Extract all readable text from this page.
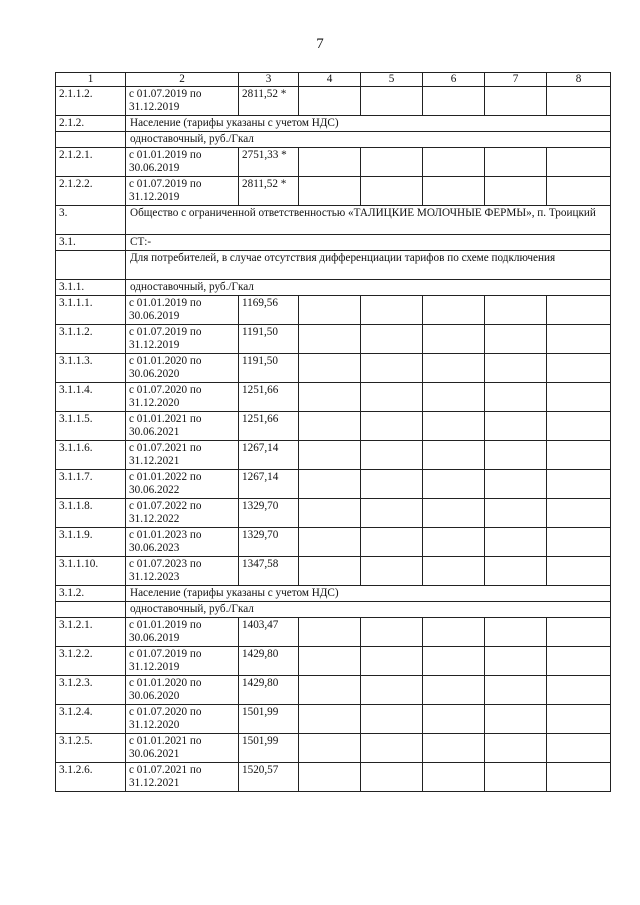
7
1	2	3	4	5	6	7	8
2.1.1.2.	с 01.07.2019 по 31.12.2019	2811,52 *					
2.1.2.	Население (тарифы указаны с учетом НДС)						
	одноставочный, руб./Гкал						
2.1.2.1.	с 01.01.2019 по 30.06.2019	2751,33 *					
2.1.2.2.	с 01.07.2019 по 31.12.2019	2811,52 *					
3.	Общество с ограниченной ответственностью «ТАЛИЦКИЕ МОЛОЧНЫЕ ФЕРМЫ», п. Троицкий						
3.1.	СТ:-						
	Для потребителей, в случае отсутствия дифференциации тарифов по схеме подключения						
3.1.1.	одноставочный, руб./Гкал						
3.1.1.1.	с 01.01.2019 по 30.06.2019	1169,56					
3.1.1.2.	с 01.07.2019 по 31.12.2019	1191,50					
3.1.1.3.	с 01.01.2020 по 30.06.2020	1191,50					
3.1.1.4.	с 01.07.2020 по 31.12.2020	1251,66					
3.1.1.5.	с 01.01.2021 по 30.06.2021	1251,66					
3.1.1.6.	с 01.07.2021 по 31.12.2021	1267,14					
3.1.1.7.	с 01.01.2022 по 30.06.2022	1267,14					
3.1.1.8.	с 01.07.2022 по 31.12.2022	1329,70					
3.1.1.9.	с 01.01.2023 по 30.06.2023	1329,70					
3.1.1.10.	с 01.07.2023 по 31.12.2023	1347,58					
3.1.2.	Население (тарифы указаны с учетом НДС)						
	одноставочный, руб./Гкал						
3.1.2.1.	с 01.01.2019 по 30.06.2019	1403,47					
3.1.2.2.	с 01.07.2019 по 31.12.2019	1429,80					
3.1.2.3.	с 01.01.2020 по 30.06.2020	1429,80					
3.1.2.4.	с 01.07.2020 по 31.12.2020	1501,99					
3.1.2.5.	с 01.01.2021 по 30.06.2021	1501,99					
3.1.2.6.	с 01.07.2021 по 31.12.2021	1520,57					
